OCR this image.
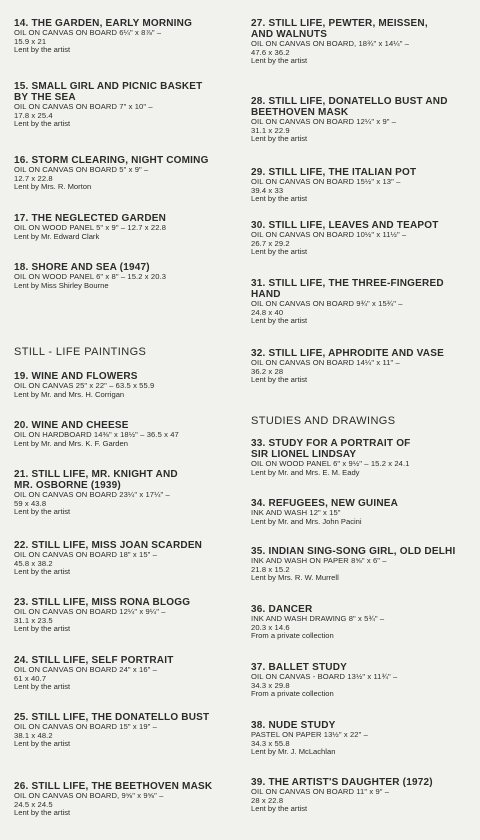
14. THE GARDEN, EARLY MORNING
OIL ON CANVAS ON BOARD 6¼" x 8⅞" –
15.9 x 21
Lent by the artist
15. SMALL GIRL AND PICNIC BASKET
BY THE SEA
OIL ON CANVAS ON BOARD 7" x 10" –
17.8 x 25.4
Lent by the artist
16. STORM CLEARING, NIGHT COMING
OIL ON CANVAS ON BOARD 5" x 9" –
12.7 x 22.8
Lent by Mrs. R. Morton
17. THE NEGLECTED GARDEN
OIL ON WOOD PANEL 5" x 9" – 12.7 x 22.8
Lent by Mr. Edward Clark
18. SHORE AND SEA (1947)
OIL ON WOOD PANEL 6" x 8" – 15.2 x 20.3
Lent by Miss Shirley Bourne
STILL - LIFE PAINTINGS
19. WINE AND FLOWERS
OIL ON CANVAS 25" x 22" – 63.5 x 55.9
Lent by Mr. and Mrs. H. Corrigan
20. WINE AND CHEESE
OIL ON HARDBOARD 14⅜" x 18½" – 36.5 x 47
Lent by Mr. and Mrs. K. F. Garden
21. STILL LIFE, MR. KNIGHT AND
MR. OSBORNE (1939)
OIL ON CANVAS ON BOARD 23¼" x 17¼" –
59 x 43.8
Lent by the artist
22. STILL LIFE, MISS JOAN SCARDEN
OIL ON CANVAS ON BOARD 18" x 15" –
45.8 x 38.2
Lent by the artist
23. STILL LIFE, MISS RONA BLOGG
OIL ON CANVAS ON BOARD 12¼" x 9¼" –
31.1 x 23.5
Lent by the artist
24. STILL LIFE, SELF PORTRAIT
OIL ON CANVAS ON BOARD 24" x 16" –
61 x 40.7
Lent by the artist
25. STILL LIFE, THE DONATELLO BUST
OIL ON CANVAS ON BOARD 15" x 19" –
38.1 x 48.2
Lent by the artist
26. STILL LIFE, THE BEETHOVEN MASK
OIL ON CANVAS ON BOARD, 9⅝" x 9⅝" –
24.5 x 24.5
Lent by the artist
27. STILL LIFE, PEWTER, MEISSEN,
AND WALNUTS
OIL ON CANVAS ON BOARD, 18¾" x 14¼" –
47.6 x 36.2
Lent by the artist
28. STILL LIFE, DONATELLO BUST AND
BEETHOVEN MASK
OIL ON CANVAS ON BOARD 12¼" x 9" –
31.1 x 22.9
Lent by the artist
29. STILL LIFE, THE ITALIAN POT
OIL ON CANVAS ON BOARD 15½" x 13" –
39.4 x 33
Lent by the artist
30. STILL LIFE, LEAVES AND TEAPOT
OIL ON CANVAS ON BOARD 10½" x 11½" –
26.7 x 29.2
Lent by the artist
31. STILL LIFE, THE THREE-FINGERED
HAND
OIL ON CANVAS ON BOARD 9¾" x 15¾" –
24.8 x 40
Lent by the artist
32. STILL LIFE, APHRODITE AND VASE
OIL ON CANVAS ON BOARD 14¼" x 11" –
36.2 x 28
Lent by the artist
STUDIES AND DRAWINGS
33. STUDY FOR A PORTRAIT OF
SIR LIONEL LINDSAY
OIL ON WOOD PANEL 6" x 9½" – 15.2 x 24.1
Lent by Mr. and Mrs. E. M. Eady
34. REFUGEES, NEW GUINEA
INK AND WASH 12" x 15"
Lent by Mr. and Mrs. John Pacini
35. INDIAN SING-SONG GIRL, OLD DELHI
INK AND WASH ON PAPER 8⅝" x 6" –
21.8 x 15.2
Lent by Mrs. R. W. Murrell
36. DANCER
INK AND WASH DRAWING 8" x 5¾" –
20.3 x 14.6
From a private collection
37. BALLET STUDY
OIL ON CANVAS - BOARD 13½" x 11¾" –
34.3 x 29.8
From a private collection
38. NUDE STUDY
PASTEL ON PAPER 13½" x 22" –
34.3 x 55.8
Lent by Mr. J. McLachlan
39. THE ARTIST'S DAUGHTER (1972)
OIL ON CANVAS ON BOARD 11" x 9" –
28 x 22.8
Lent by the artist
